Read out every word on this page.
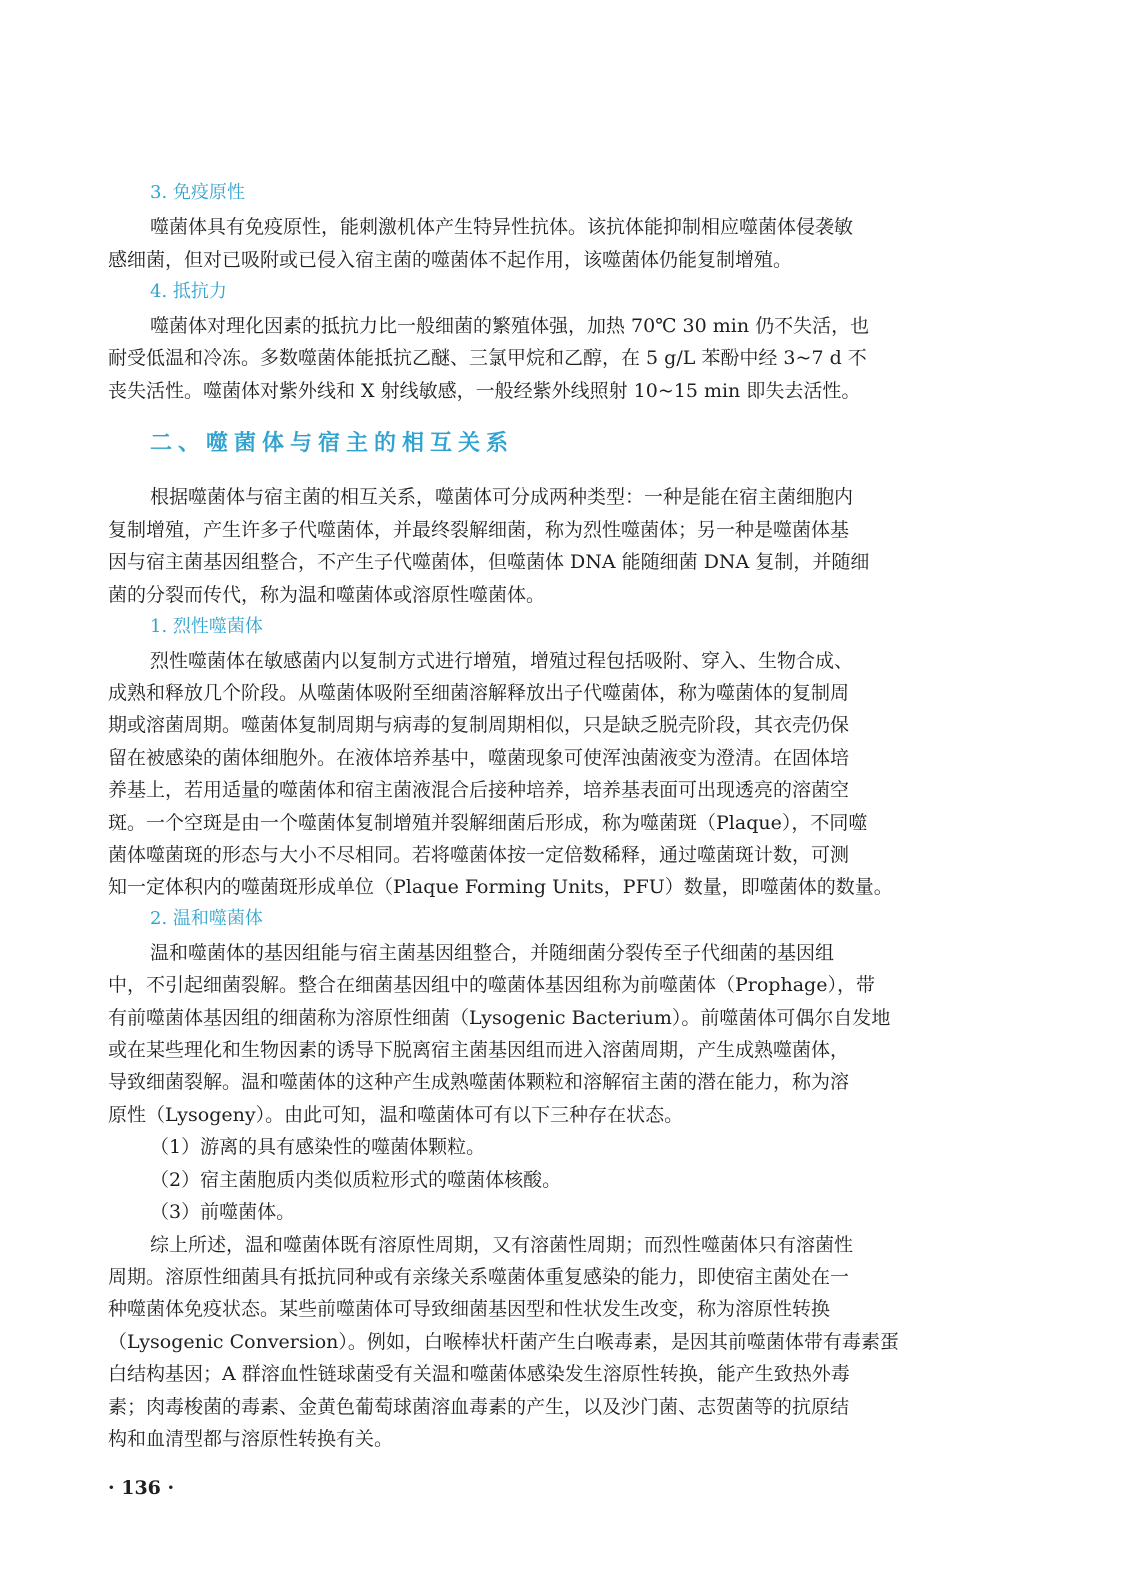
3. 免疫原性
噬菌体具有免疫原性，能刺激机体产生特异性抗体。该抗体能抑制相应噬菌体侵袭敏
感细菌，但对已吸附或已侵入宿主菌的噬菌体不起作用，该噬菌体仍能复制增殖。
4. 抵抗力
噬菌体对理化因素的抵抗力比一般细菌的繁殖体强，加热 70℃ 30 min 仍不失活，也
耐受低温和冷冻。多数噬菌体能抵抗乙醚、三氯甲烷和乙醇，在 5 g/L 苯酚中经 3~7 d 不
丧失活性。噬菌体对紫外线和 X 射线敏感，一般经紫外线照射 10~15 min 即失去活性。
二、噬菌体与宿主的相互关系
根据噬菌体与宿主菌的相互关系，噬菌体可分成两种类型：一种是能在宿主菌细胞内
复制增殖，产生许多子代噬菌体，并最终裂解细菌，称为烈性噬菌体；另一种是噬菌体基
因与宿主菌基因组整合，不产生子代噬菌体，但噬菌体 DNA 能随细菌 DNA 复制，并随细
菌的分裂而传代，称为温和噬菌体或溶原性噬菌体。
1. 烈性噬菌体
烈性噬菌体在敏感菌内以复制方式进行增殖，增殖过程包括吸附、穿入、生物合成、
成熟和释放几个阶段。从噬菌体吸附至细菌溶解释放出子代噬菌体，称为噬菌体的复制周
期或溶菌周期。噬菌体复制周期与病毒的复制周期相似，只是缺乏脱壳阶段，其衣壳仍保
留在被感染的菌体细胞外。在液体培养基中，噬菌现象可使浑浊菌液变为澄清。在固体培
养基上，若用适量的噬菌体和宿主菌液混合后接种培养，培养基表面可出现透亮的溶菌空
斑。一个空斑是由一个噬菌体复制增殖并裂解细菌后形成，称为噬菌斑（Plaque），不同噬
菌体噬菌斑的形态与大小不尽相同。若将噬菌体按一定倍数稀释，通过噬菌斑计数，可测
知一定体积内的噬菌斑形成单位（Plaque Forming Units，PFU）数量，即噬菌体的数量。
2. 温和噬菌体
温和噬菌体的基因组能与宿主菌基因组整合，并随细菌分裂传至子代细菌的基因组
中，不引起细菌裂解。整合在细菌基因组中的噬菌体基因组称为前噬菌体（Prophage），带
有前噬菌体基因组的细菌称为溶原性细菌（Lysogenic Bacterium）。前噬菌体可偶尔自发地
或在某些理化和生物因素的诱导下脱离宿主菌基因组而进入溶菌周期，产生成熟噬菌体，
导致细菌裂解。温和噬菌体的这种产生成熟噬菌体颗粒和溶解宿主菌的潜在能力，称为溶
原性（Lysogeny）。由此可知，温和噬菌体可有以下三种存在状态。
（1）游离的具有感染性的噬菌体颗粒。
（2）宿主菌胞质内类似质粒形式的噬菌体核酸。
（3）前噬菌体。
综上所述，温和噬菌体既有溶原性周期，又有溶菌性周期；而烈性噬菌体只有溶菌性
周期。溶原性细菌具有抵抗同种或有亲缘关系噬菌体重复感染的能力，即使宿主菌处在一
种噬菌体免疫状态。某些前噬菌体可导致细菌基因型和性状发生改变，称为溶原性转换
（Lysogenic Conversion）。例如，白喉棒状杆菌产生白喉毒素，是因其前噬菌体带有毒素蛋
白结构基因；A 群溶血性链球菌受有关温和噬菌体感染发生溶原性转换，能产生致热外毒
素；肉毒梭菌的毒素、金黄色葡萄球菌溶血毒素的产生，以及沙门菌、志贺菌等的抗原结
构和血清型都与溶原性转换有关。
· 136 ·
